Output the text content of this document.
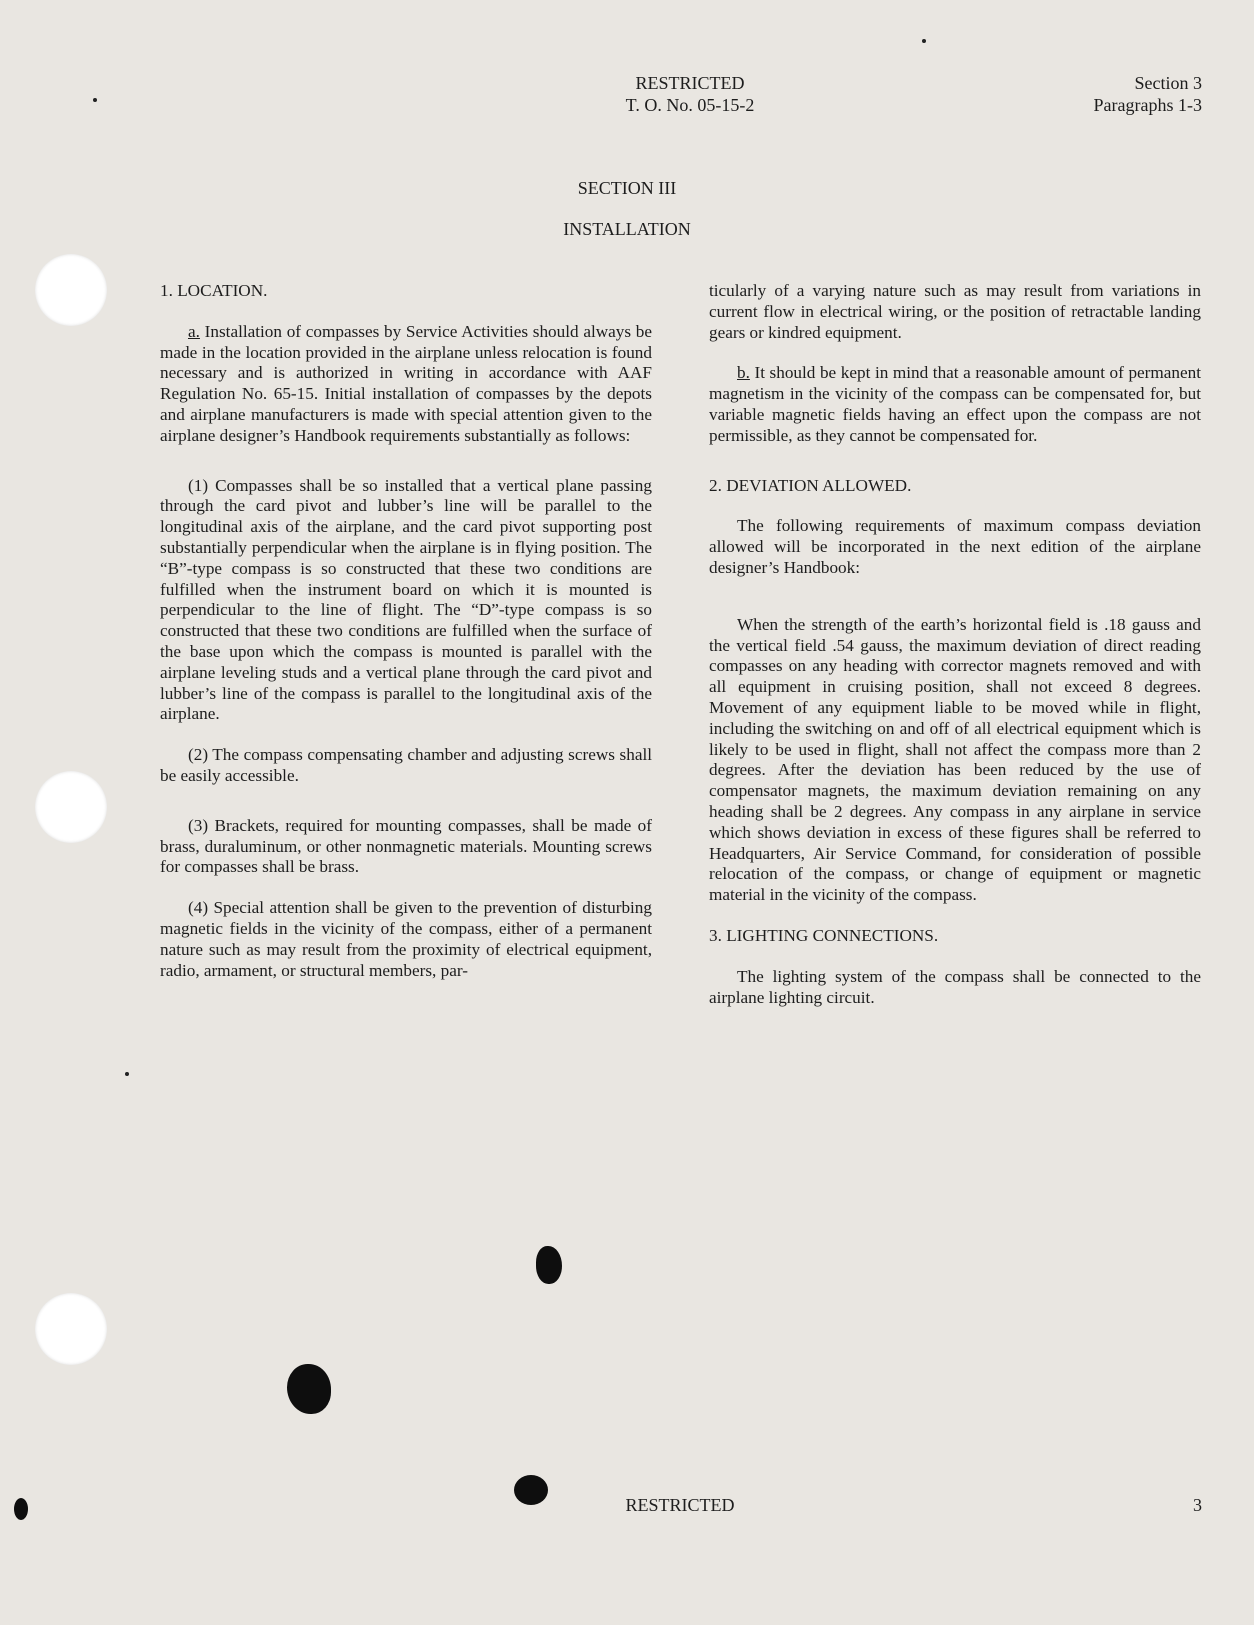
RESTRICTED
T. O. No. 05-15-2
Section 3
Paragraphs 1-3
SECTION III
INSTALLATION

1. LOCATION.

a. Installation of compasses by Service Activities should always be made in the location provided in the airplane unless relocation is found necessary and is authorized in writing in accordance with AAF Regulation No. 65-15. Initial installation of compasses by the depots and airplane manufacturers is made with special attention given to the airplane designer’s Handbook requirements substantially as follows:

(1) Compasses shall be so installed that a vertical plane passing through the card pivot and lubber’s line will be parallel to the longitudinal axis of the airplane, and the card pivot supporting post substantially perpendicular when the airplane is in flying position. The “B”-type compass is so constructed that these two conditions are fulfilled when the instrument board on which it is mounted is perpendicular to the line of flight. The “D”-type compass is so constructed that these two conditions are fulfilled when the surface of the base upon which the compass is mounted is parallel with the airplane leveling studs and a vertical plane through the card pivot and lubber’s line of the compass is parallel to the longitudinal axis of the airplane.

(2) The compass compensating chamber and adjusting screws shall be easily accessible.

(3) Brackets, required for mounting compasses, shall be made of brass, duraluminum, or other nonmagnetic materials. Mounting screws for compasses shall be brass.

(4) Special attention shall be given to the prevention of disturbing magnetic fields in the vicinity of the compass, either of a permanent nature such as may result from the proximity of electrical equipment, radio, armament, or structural members, par-

ticularly of a varying nature such as may result from variations in current flow in electrical wiring, or the position of retractable landing gears or kindred equipment.

b. It should be kept in mind that a reasonable amount of permanent magnetism in the vicinity of the compass can be compensated for, but variable magnetic fields having an effect upon the compass are not permissible, as they cannot be compensated for.

2. DEVIATION ALLOWED.

The following requirements of maximum compass deviation allowed will be incorporated in the next edition of the airplane designer’s Handbook:

When the strength of the earth’s horizontal field is .18 gauss and the vertical field .54 gauss, the maximum deviation of direct reading compasses on any heading with corrector magnets removed and with all equipment in cruising position, shall not exceed 8 degrees. Movement of any equipment liable to be moved while in flight, including the switching on and off of all electrical equipment which is likely to be used in flight, shall not affect the compass more than 2 degrees. After the deviation has been reduced by the use of compensator magnets, the maximum deviation remaining on any heading shall be 2 degrees. Any compass in any airplane in service which shows deviation in excess of these figures shall be referred to Headquarters, Air Service Command, for consideration of possible relocation of the compass, or change of equipment or magnetic material in the vicinity of the compass.

3. LIGHTING CONNECTIONS.

The lighting system of the compass shall be connected to the airplane lighting circuit.

RESTRICTED	3
